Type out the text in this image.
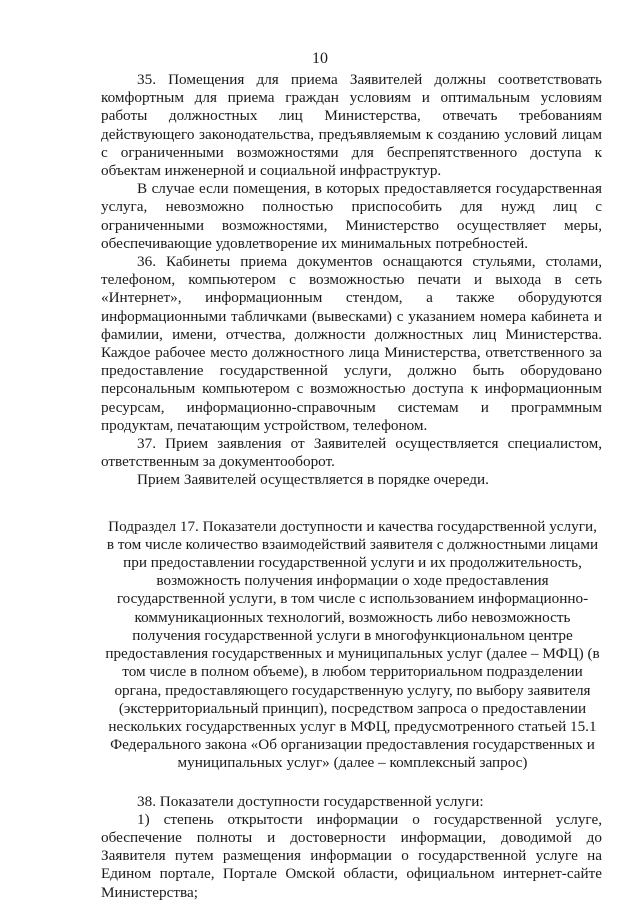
10

35. Помещения для приема Заявителей должны соответствовать комфортным для приема граждан условиям и оптимальным условиям работы должностных лиц Министерства, отвечать требованиям действующего законодательства, предъявляемым к созданию условий лицам с ограниченными возможностями для беспрепятственного доступа к объектам инженерной и социальной инфраструктур.

В случае если помещения, в которых предоставляется государственная услуга, невозможно полностью приспособить для нужд лиц с ограниченными возможностями, Министерство осуществляет меры, обеспечивающие удовлетворение их минимальных потребностей.

36. Кабинеты приема документов оснащаются стульями, столами, телефоном, компьютером с возможностью печати и выхода в сеть «Интернет», информационным стендом, а также оборудуются информационными табличками (вывесками) с указанием номера кабинета и фамилии, имени, отчества, должности должностных лиц Министерства. Каждое рабочее место должностного лица Министерства, ответственного за предоставление государственной услуги, должно быть оборудовано персональным компьютером с возможностью доступа к информационным ресурсам, информационно-справочным системам и программным продуктам, печатающим устройством, телефоном.

37. Прием заявления от Заявителей осуществляется специалистом, ответственным за документооборот.

Прием Заявителей осуществляется в порядке очереди.

Подраздел 17. Показатели доступности и качества государственной услуги, в том числе количество взаимодействий заявителя с должностными лицами при предоставлении государственной услуги и их продолжительность, возможность получения информации о ходе предоставления государственной услуги, в том числе с использованием информационно-коммуникационных технологий, возможность либо невозможность получения государственной услуги в многофункциональном центре предоставления государственных и муниципальных услуг (далее – МФЦ) (в том числе в полном объеме), в любом территориальном подразделении органа, предоставляющего государственную услугу, по выбору заявителя (экстерриториальный принцип), посредством запроса о предоставлении нескольких государственных услуг в МФЦ, предусмотренного статьей 15.1 Федерального закона «Об организации предоставления государственных и муниципальных услуг» (далее – комплексный запрос)

38. Показатели доступности государственной услуги:

1) степень открытости информации о государственной услуге, обеспечение полноты и достоверности информации, доводимой до Заявителя путем размещения информации о государственной услуге на Едином портале, Портале Омской области, официальном интернет-сайте Министерства;
